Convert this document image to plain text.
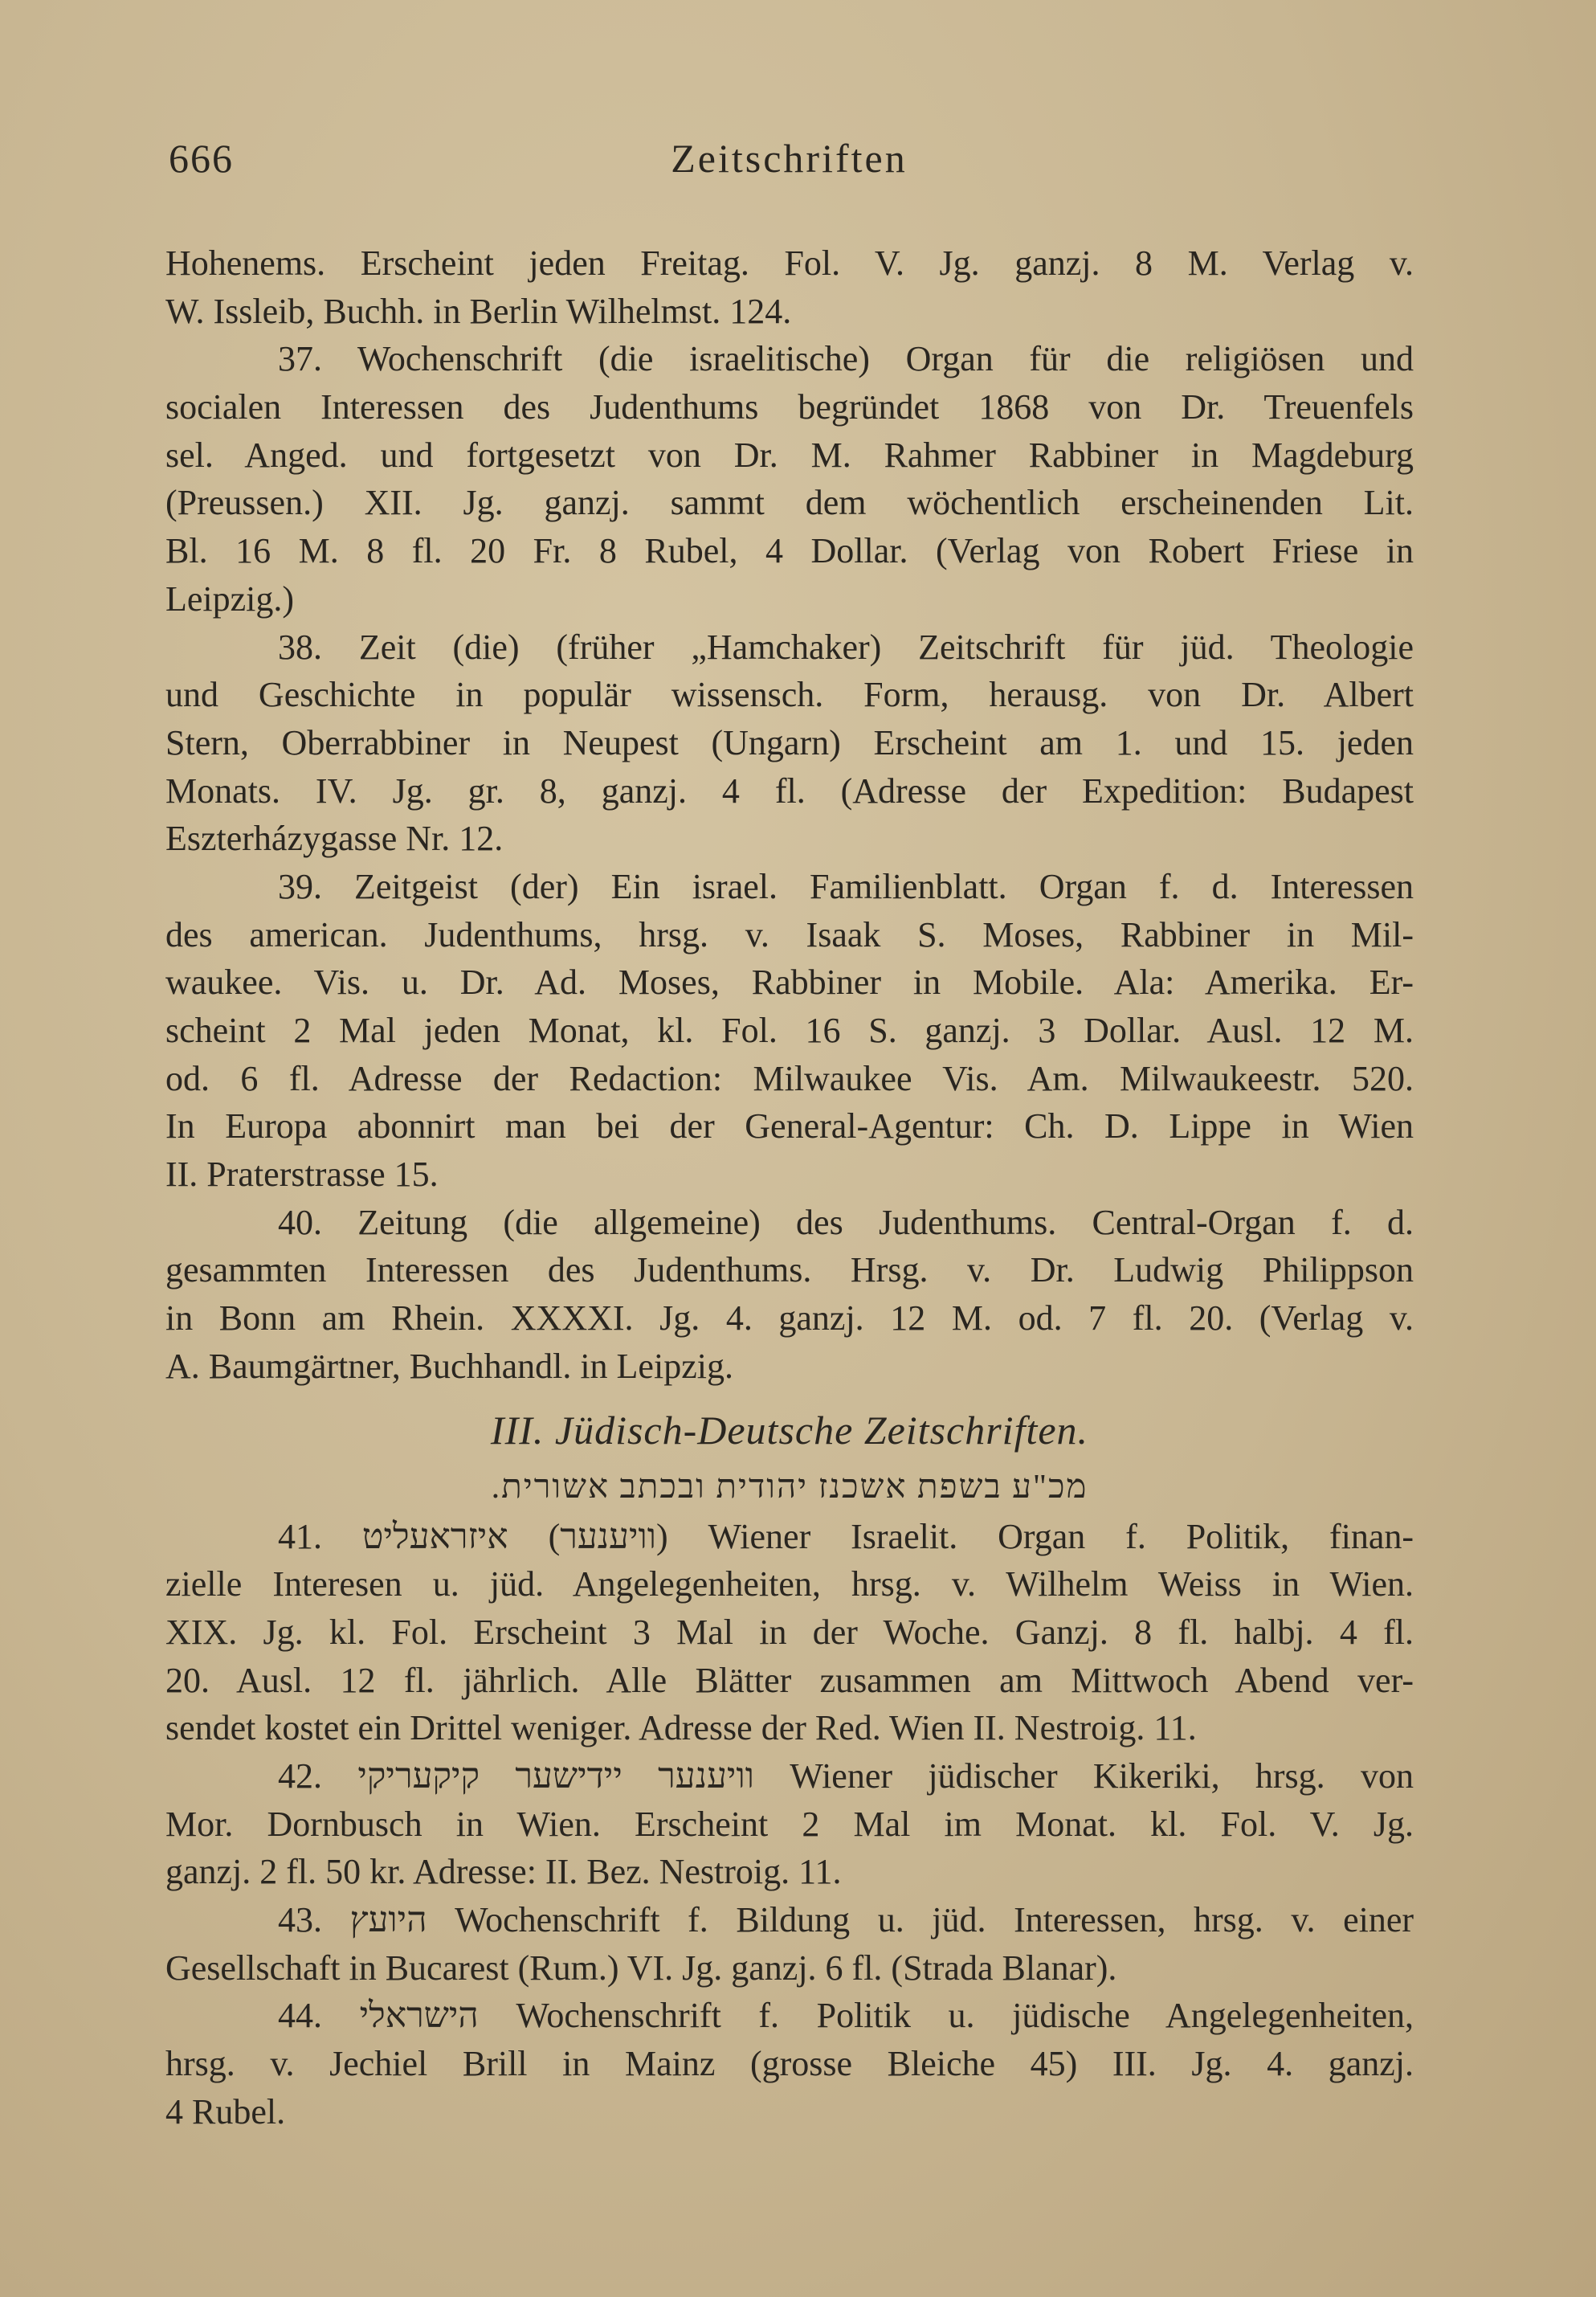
666	Zeitschriften
Hohenems. Erscheint jeden Freitag. Fol. V. Jg. ganzj. 8 M. Verlag v.
W. Issleib, Buchh. in Berlin Wilhelmst. 124.
37. Wochenschrift (die israelitische) Organ für die religiösen und
socialen Interessen des Judenthums begründet 1868 von Dr. Treuenfels
sel. Anged. und fortgesetzt von Dr. M. Rahmer Rabbiner in Magdeburg
(Preussen.) XII. Jg. ganzj. sammt dem wöchentlich erscheinenden Lit.
Bl. 16 M. 8 fl. 20 Fr. 8 Rubel, 4 Dollar. (Verlag von Robert Friese in
Leipzig.)
38. Zeit (die) (früher „Hamchaker) Zeitschrift für jüd. Theologie
und Geschichte in populär wissensch. Form, herausg. von Dr. Albert
Stern, Oberrabbiner in Neupest (Ungarn) Erscheint am 1. und 15. jeden
Monats. IV. Jg. gr. 8, ganzj. 4 fl. (Adresse der Expedition: Budapest
Eszterházygasse Nr. 12.
39. Zeitgeist (der) Ein israel. Familienblatt. Organ f. d. Interessen
des american. Judenthums, hrsg. v. Isaak S. Moses, Rabbiner in Mil-
waukee. Vis. u. Dr. Ad. Moses, Rabbiner in Mobile. Ala: Amerika. Er-
scheint 2 Mal jeden Monat, kl. Fol. 16 S. ganzj. 3 Dollar. Ausl. 12 M.
od. 6 fl. Adresse der Redaction: Milwaukee Vis. Am. Milwaukeestr. 520.
In Europa abonnirt man bei der General-Agentur: Ch. D. Lippe in Wien
II. Praterstrasse 15.
40. Zeitung (die allgemeine) des Judenthums. Central-Organ f. d.
gesammten Interessen des Judenthums. Hrsg. v. Dr. Ludwig Philippson
in Bonn am Rhein. XXXXI. Jg. 4. ganzj. 12 M. od. 7 fl. 20. (Verlag v.
A. Baumgärtner, Buchhandl. in Leipzig.
III. Jüdisch-Deutsche Zeitschriften.
מכ"ע בשפת אשכנז יהודית ובכתב אשורית.
41. (וויענער) איזראעליט Wiener Israelit. Organ f. Politik, finan-
zielle Interesen u. jüd. Angelegenheiten, hrsg. v. Wilhelm Weiss in Wien.
XIX. Jg. kl. Fol. Erscheint 3 Mal in der Woche. Ganzj. 8 fl. halbj. 4 fl.
20. Ausl. 12 fl. jährlich. Alle Blätter zusammen am Mittwoch Abend ver-
sendet kostet ein Drittel weniger. Adresse der Red. Wien II. Nestroig. 11.
42. וויענער יידישער קיקעריקי Wiener jüdischer Kikeriki, hrsg. von
Mor. Dornbusch in Wien. Erscheint 2 Mal im Monat. kl. Fol. V. Jg.
ganzj. 2 fl. 50 kr. Adresse: II. Bez. Nestroig. 11.
43. היועץ Wochenschrift f. Bildung u. jüd. Interessen, hrsg. v. einer
Gesellschaft in Bucarest (Rum.) VI. Jg. ganzj. 6 fl. (Strada Blanar).
44. הישראלי Wochenschrift f. Politik u. jüdische Angelegenheiten,
hrsg. v. Jechiel Brill in Mainz (grosse Bleiche 45) III. Jg. 4. ganzj.
4 Rubel.
